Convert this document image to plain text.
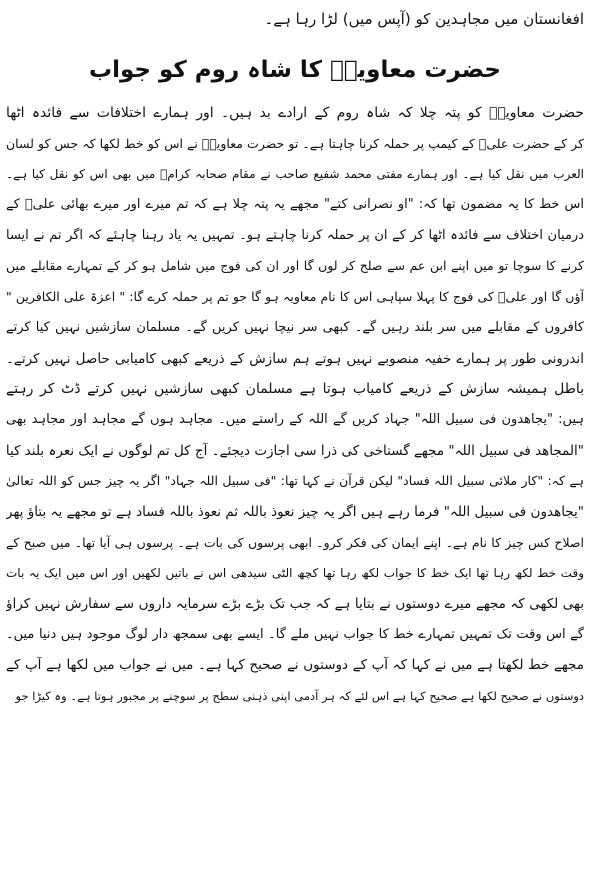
افغانستان میں مجاہدین کو (آپس میں) لڑا رہا ہے۔
حضرت معاویہؓ کا شاہ روم کو جواب
حضرت معاویہؓ کو پتہ چلا کہ شاہ روم کے ارادے بد ہیں۔ اور ہمارے اختلافات سے فائدہ اٹھا
کر کے حضرت علیؓ کے کیمپ پر حملہ کرنا چاہتا ہے۔ تو حضرت معاویہؓ نے اس کو خط لکھا کہ جس کو لسان
العرب میں نقل کیا ہے۔ اور ہمارے مفتی محمد شفیع صاحب نے مقام صحابہ کرامؓ میں بھی اس کو نقل کیا ہے۔
اس خط کا یہ مضمون تھا کہ: "او نصرانی کتے" مجھے یہ پتہ چلا ہے کہ تم میرے اور میرے بھائی علیؓ کے
درمیان اختلاف سے فائدہ اٹھا کر کے ان پر حملہ کرنا چاہتے ہو۔ تمہیں یہ یاد رہنا چاہئے کہ اگر تم نے ایسا
کرنے کا سوچا تو میں اپنے ابن عم سے صلح کر لوں گا اور ان کی فوج میں شامل ہو کر کے تمہارے مقابلے میں
آؤں گا اور علیؓ کی فوج کا پہلا سپاہی اس کا نام معاویہ ہو گا جو تم پر حملہ کرے گا: " اعزۃ علی الکافرین "
کافروں کے مقابلے میں سر بلند رہیں گے۔ کبھی سر نیچا نہیں کریں گے۔ مسلمان سازشیں نہیں کیا کرتے
اندرونی طور پر ہمارے خفیہ منصوبے نہیں ہوتے ہم سازش کے ذریعے کبھی کامیابی حاصل نہیں کرتے۔
باطل ہمیشہ سازش کے ذریعے کامیاب ہوتا ہے مسلمان کبھی سازشیں نہیں کرتے ڈٹ کر رہتے
ہیں: "یجاھدون فی سبیل اللہ" جہاد کریں گے اللہ کے راستے میں۔ مجاہد ہوں گے مجاہد اور مجاہد بھی
"المجاھد فی سبیل اللہ" مجھے گستاخی کی ذرا سی اجازت دیجئے۔ آج کل تم لوگوں نے ایک نعرہ بلند کیا
ہے کہ: "کار ملائی سبیل اللہ فساد" لیکن قرآن نے کہا تھا: "فی سبیل اللہ جہاد" اگر یہ چیز جس کو اللہ تعالیٰ
"یجاھدون فی سبیل اللہ" فرما رہے ہیں اگر یہ چیز نعوذ باللہ ثم نعوذ باللہ فساد ہے تو مجھے یہ بتاؤ پھر
اصلاح کس چیز کا نام ہے۔ اپنے ایمان کی فکر کرو۔ ابھی پرسوں کی بات ہے۔ پرسوں ہی آیا تھا۔ میں صبح کے
وقت خط لکھ رہا تھا ایک خط کا جواب لکھ رہا تھا کچھ الٹی سیدھی اس نے باتیں لکھیں اور اس میں ایک یہ بات
بھی لکھی کہ مجھے میرے دوستوں نے بتایا ہے کہ جب تک بڑے بڑے سرمایہ داروں سے سفارش نہیں کراؤ
گے اس وقت تک تمہیں تمہارے خط کا جواب نہیں ملے گا۔ ایسے بھی سمجھ دار لوگ موجود ہیں دنیا میں۔
مجھے خط لکھتا ہے میں نے کہا کہ آپ کے دوستوں نے صحیح کہا ہے۔ میں نے جواب میں لکھا ہے آپ کے
دوستوں نے صحیح لکھا ہے صحیح کہا ہے اس لئے کہ ہر آدمی اپنی ذہنی سطح پر سوچنے پر مجبور ہوتا ہے۔ وہ کیڑا جو
